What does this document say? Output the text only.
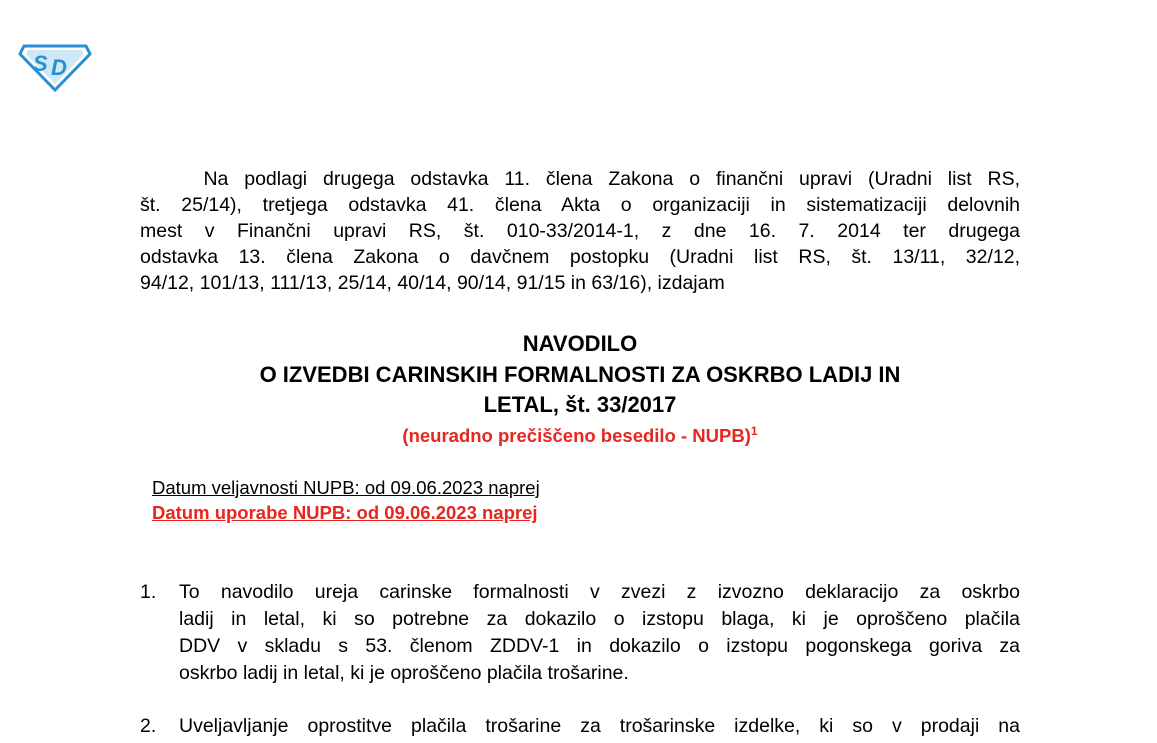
S D
Na podlagi drugega odstavka 11. člena Zakona o finančni upravi (Uradni list RS,
št. 25/14), tretjega odstavka 41. člena Akta o organizaciji in sistematizaciji delovnih
mest v Finančni upravi RS, št. 010-33/2014-1, z dne 16. 7. 2014 ter drugega
odstavka 13. člena Zakona o davčnem postopku (Uradni list RS, št. 13/11, 32/12,
94/12, 101/13, 111/13, 25/14, 40/14, 90/14, 91/15 in 63/16), izdajam
NAVODILO
O IZVEDBI CARINSKIH FORMALNOSTI ZA OSKRBO LADIJ IN
LETAL, št. 33/2017
(neuradno prečiščeno besedilo - NUPB)$^1$
Datum veljavnosti NUPB: od 09.06.2023 naprej
Datum uporabe NUPB: od 09.06.2023 naprej
1. To navodilo ureja carinske formalnosti v zvezi z izvozno deklaracijo za oskrbo
ladij in letal, ki so potrebne za dokazilo o izstopu blaga, ki je oproščeno plačila
DDV v skladu s 53. členom ZDDV-1 in dokazilo o izstopu pogonskega goriva za
oskrbo ladij in letal, ki je oproščeno plačila trošarine.
2. Uveljavljanje oprostitve plačila trošarine za trošarinske izdelke, ki so v prodaji na
